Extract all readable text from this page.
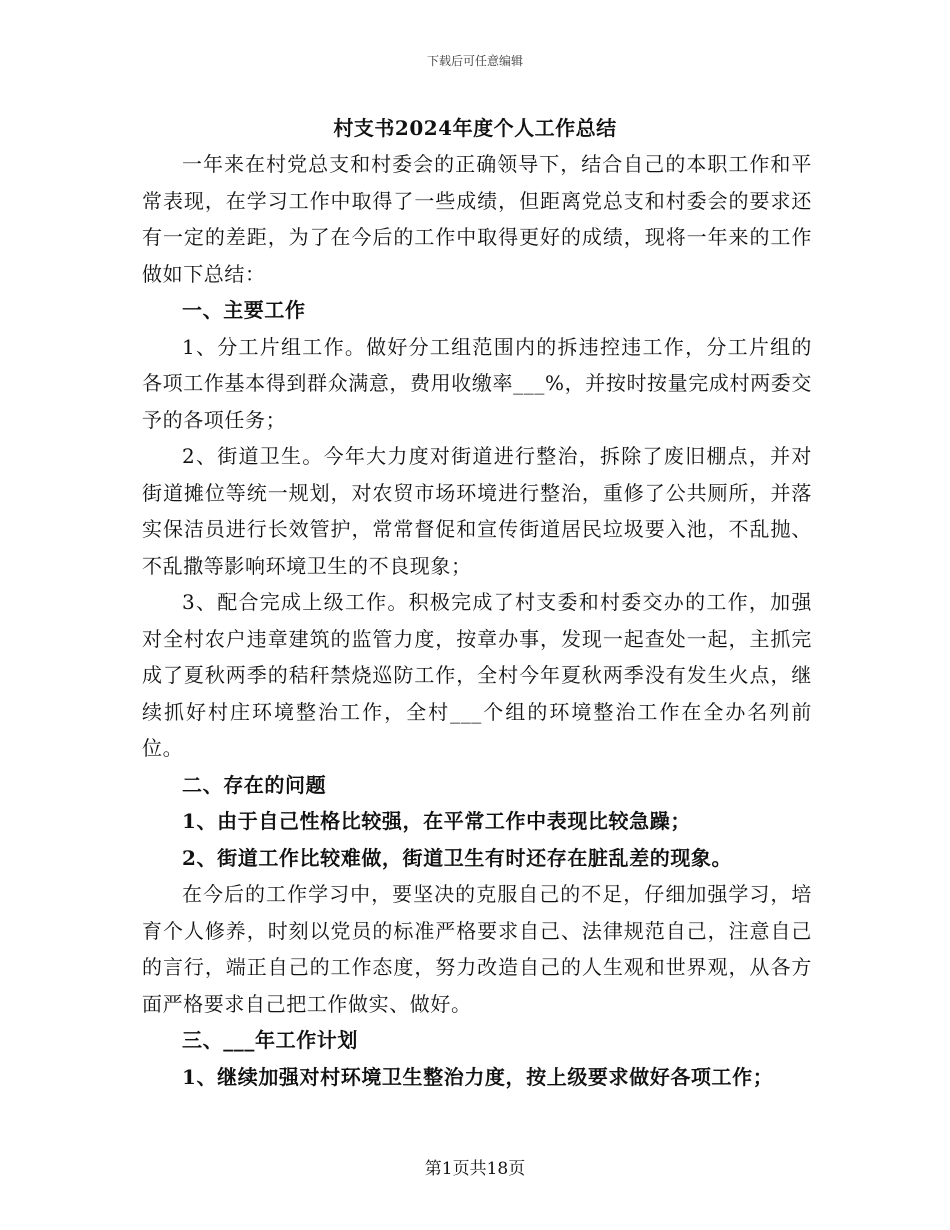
下载后可任意编辑
村支书2024年度个人工作总结

一年来在村党总支和村委会的正确领导下，结合自己的本职工作和平常表现，在学习工作中取得了一些成绩，但距离党总支和村委会的要求还有一定的差距，为了在今后的工作中取得更好的成绩，现将一年来的工作做如下总结：

一、主要工作

1、分工片组工作。做好分工组范围内的拆违控违工作，分工片组的各项工作基本得到群众满意，费用收缴率___%，并按时按量完成村两委交予的各项任务；

2、街道卫生。今年大力度对街道进行整治，拆除了废旧棚点，并对街道摊位等统一规划，对农贸市场环境进行整治，重修了公共厕所，并落实保洁员进行长效管护，常常督促和宣传街道居民垃圾要入池，不乱抛、不乱撒等影响环境卫生的不良现象；

3、配合完成上级工作。积极完成了村支委和村委交办的工作，加强对全村农户违章建筑的监管力度，按章办事，发现一起查处一起，主抓完成了夏秋两季的秸秆禁烧巡防工作，全村今年夏秋两季没有发生火点，继续抓好村庄环境整治工作，全村___个组的环境整治工作在全办名列前位。

二、存在的问题

1、由于自己性格比较强，在平常工作中表现比较急躁；

2、街道工作比较难做，街道卫生有时还存在脏乱差的现象。

在今后的工作学习中，要坚决的克服自己的不足，仔细加强学习，培育个人修养，时刻以党员的标准严格要求自己、法律规范自己，注意自己的言行，端正自己的工作态度，努力改造自己的人生观和世界观，从各方面严格要求自己把工作做实、做好。

三、___年工作计划

1、继续加强对村环境卫生整治力度，按上级要求做好各项工作；

第1页共18页
